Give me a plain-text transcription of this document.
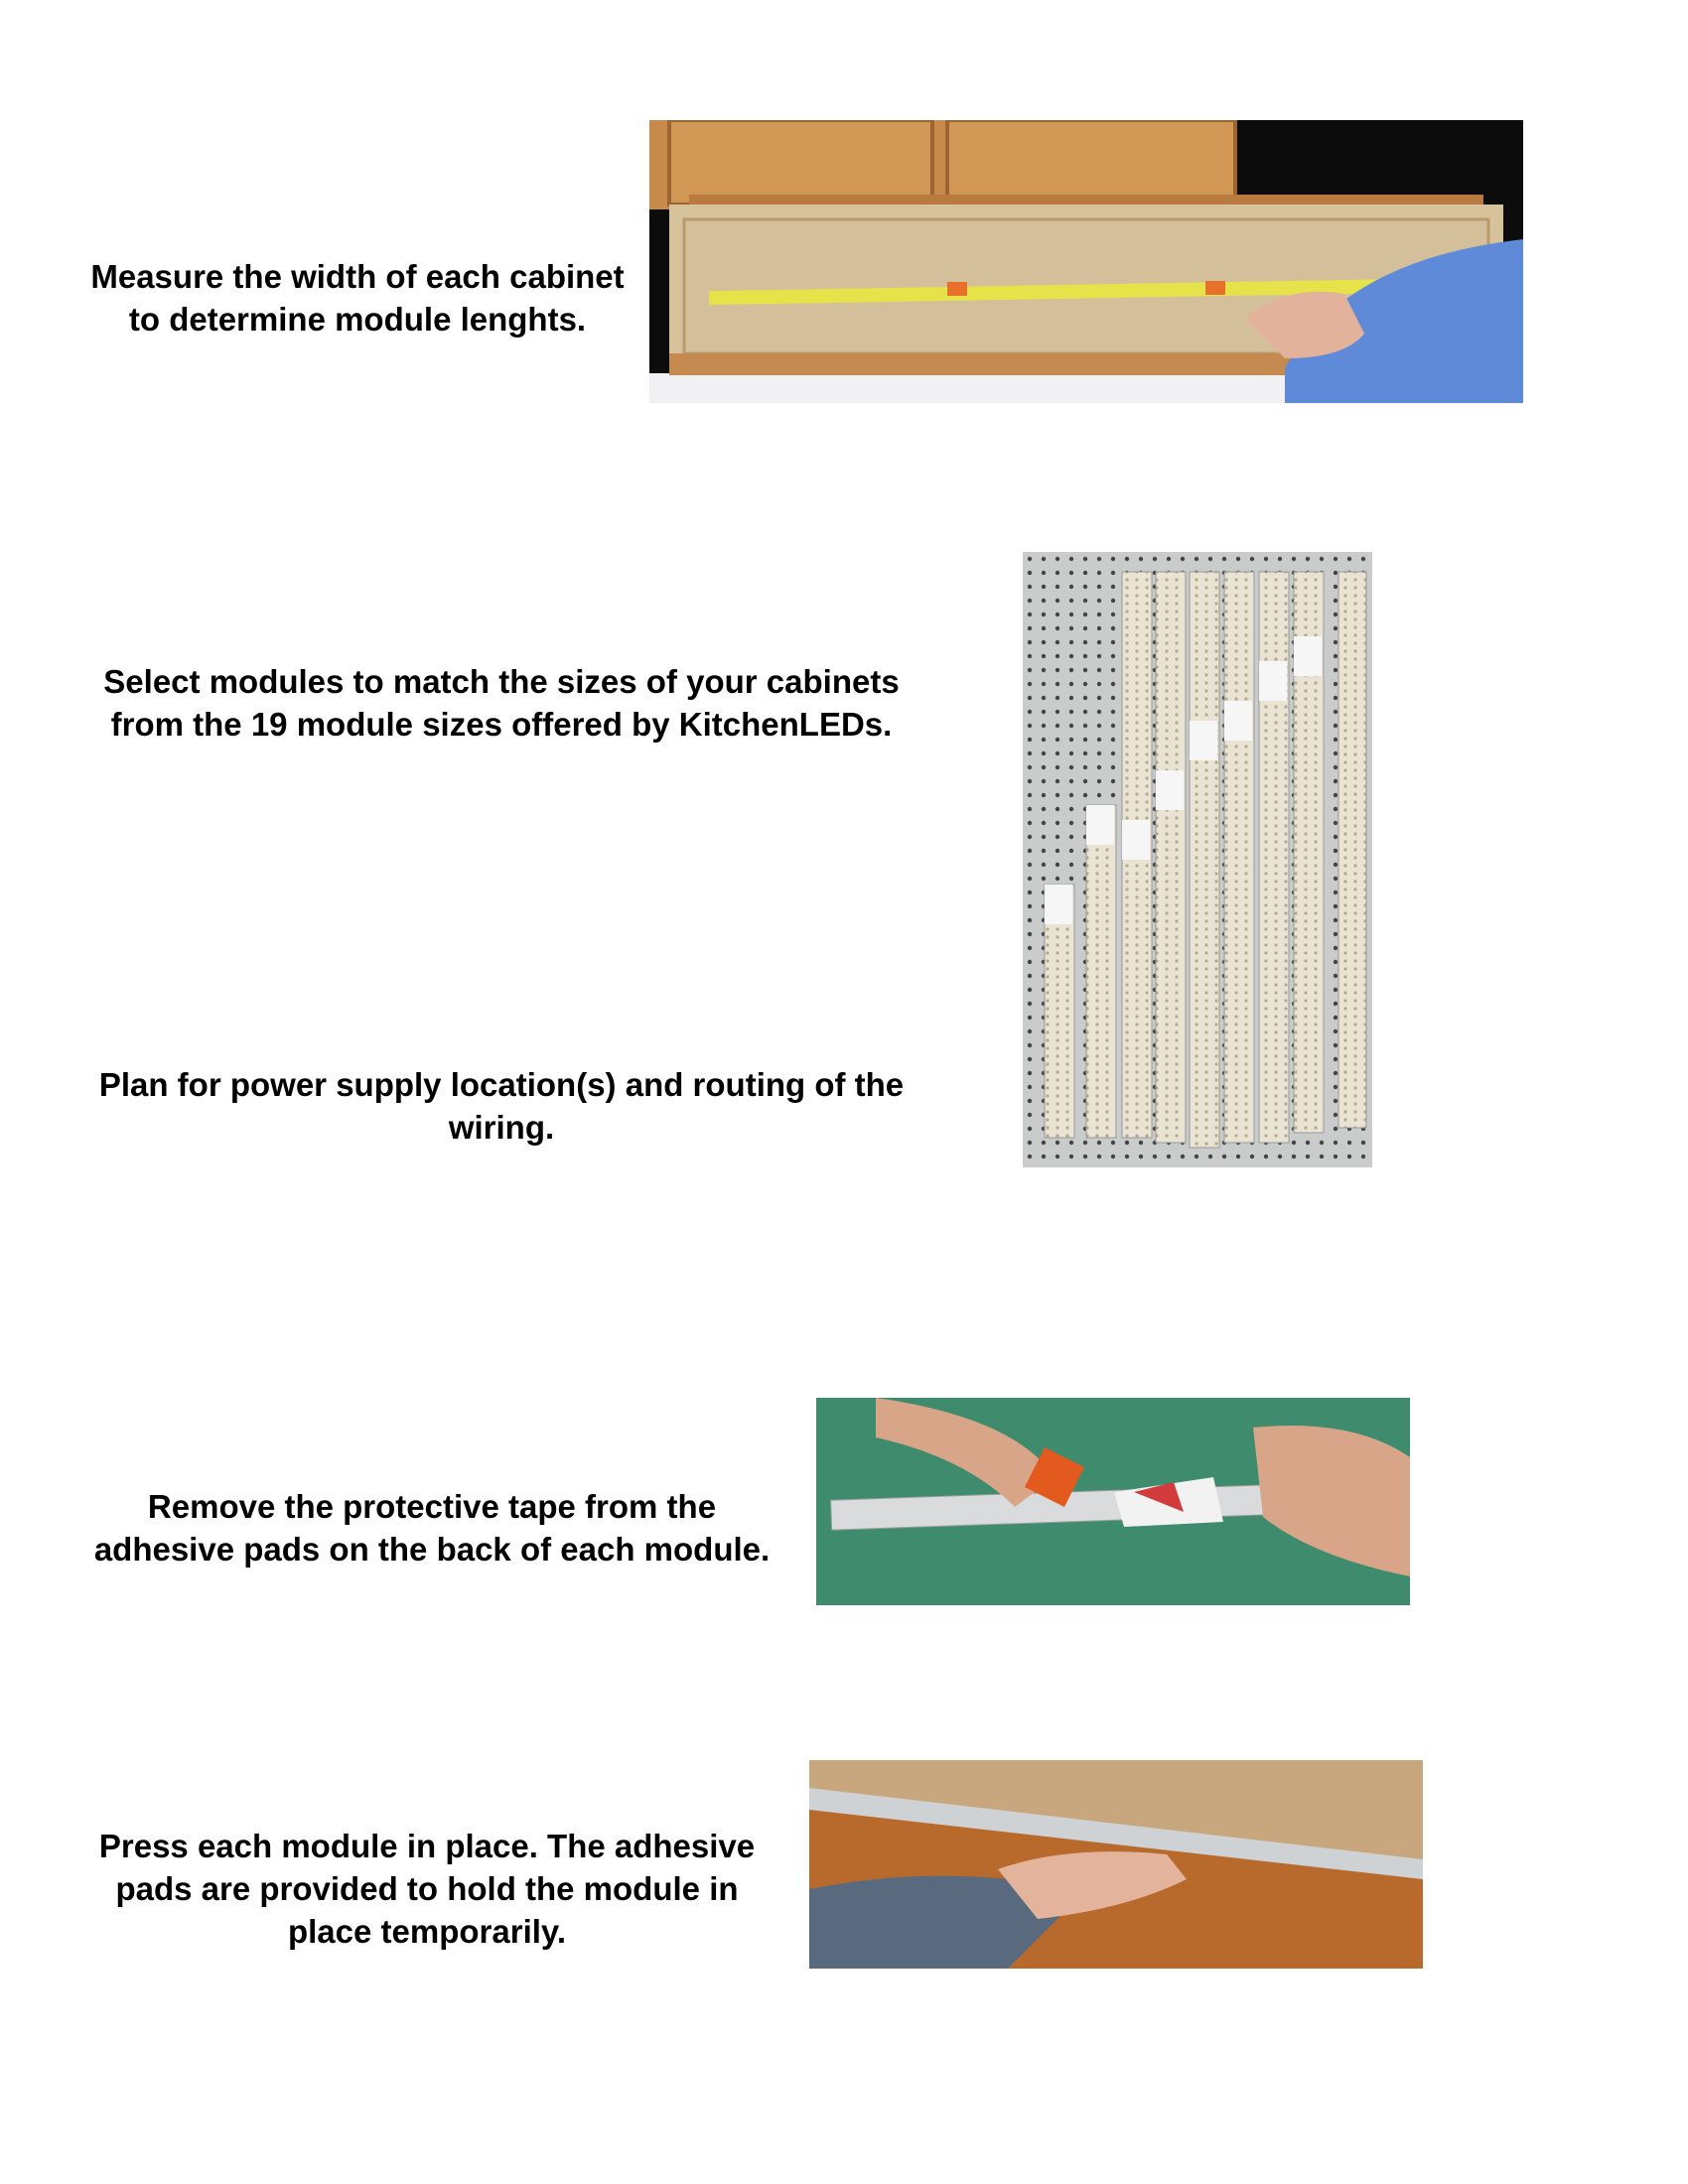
Measure the width of each cabinet
to determine module lenghts.
Select modules to match the sizes of your cabinets
from the 19 module sizes offered by KitchenLEDs.
Plan for power supply location(s) and routing of the
wiring.
Remove the protective tape from the
adhesive pads on the back of each module.
Press each module in place. The adhesive
pads are provided to hold the module in
place temporarily.
